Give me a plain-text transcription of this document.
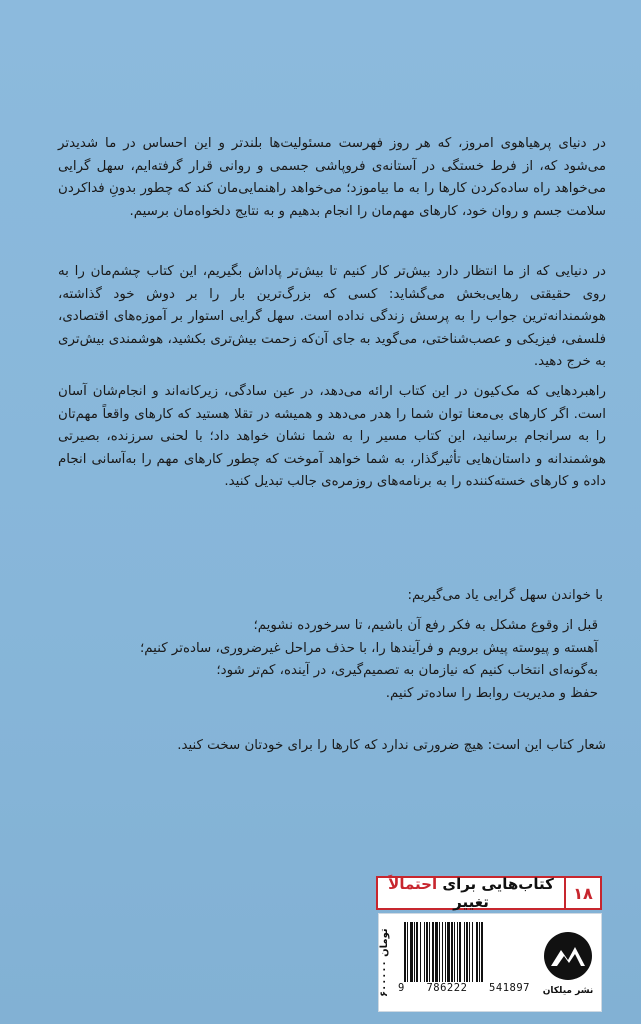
در دنیای پرهیاهوی امروز، که هر روز فهرست مسئولیت‌ها بلندتر و این احساس در ما شدیدتر می‌شود که، از فرط خستگی در آستانه‌ی فروپاشی جسمی و روانی قرار گرفته‌ایم، سهل گرایی می‌خواهد راه ساده‌کردن کارها را به ما بیاموزد؛ می‌خواهد راهنمایی‌مان کند که چطور بدونِ فداکردن سلامت جسم و روان خود، کارهای مهم‌مان را انجام بدهیم و به نتایج دلخواه‌مان برسیم.

در دنیایی که از ما انتظار دارد بیش‌تر کار کنیم تا بیش‌تر پاداش بگیریم، این کتاب چشم‌مان را به روی حقیقتی رهایی‌بخش می‌گشاید: کسی که بزرگ‌ترین بار را بر دوش خود گذاشته، هوشمندانه‌ترین جواب را به پرسش زندگی نداده است. سهل گرایی استوار بر آموزه‌های اقتصادی، فلسفی، فیزیکی و عصب‌شناختی، می‌گوید به جای آن‌که زحمت بیش‌تری بکشید، هوشمندی بیش‌تری به خرج دهید.

راهبردهایی که مک‌کیون در این کتاب ارائه می‌دهد، در عین سادگی، زیرکانه‌اند و انجام‌شان آسان است. اگر کارهای بی‌معنا توان شما را هدر می‌دهد و همیشه در تقلا هستید که کارهای واقعاً مهم‌تان را به سرانجام برسانید، این کتاب مسیر را به شما نشان خواهد داد؛ با لحنی سرزنده، بصیرتی هوشمندانه و داستان‌هایی تأثیرگذار، به شما خواهد آموخت که چطور کارهای مهم را به‌آسانی انجام داده و کارهای خسته‌کننده را به برنامه‌های روزمره‌ی جالب تبدیل کنید.

با خواندن سهل گرایی یاد می‌گیریم:
قبل از وقوع مشکل به فکر رفع آن باشیم، تا سرخورده نشویم؛
آهسته و پیوسته پیش برویم و فرآیندها را، با حذف مراحل غیرضروری، ساده‌تر کنیم؛
به‌گونه‌ای انتخاب کنیم که نیازمان به تصمیم‌گیری، در آینده، کم‌تر شود؛
حفظ و مدیریت روابط را ساده‌تر کنیم.
شعار کتاب این است: هیچ ضرورتی ندارد که کارها را برای خودتان سخت کنید.
۱۸
کتاب‌هایی برای احتمالاً تغییر
۶۰۰۰۰۰ تومان
9 786222 541897	نشر میلکان
